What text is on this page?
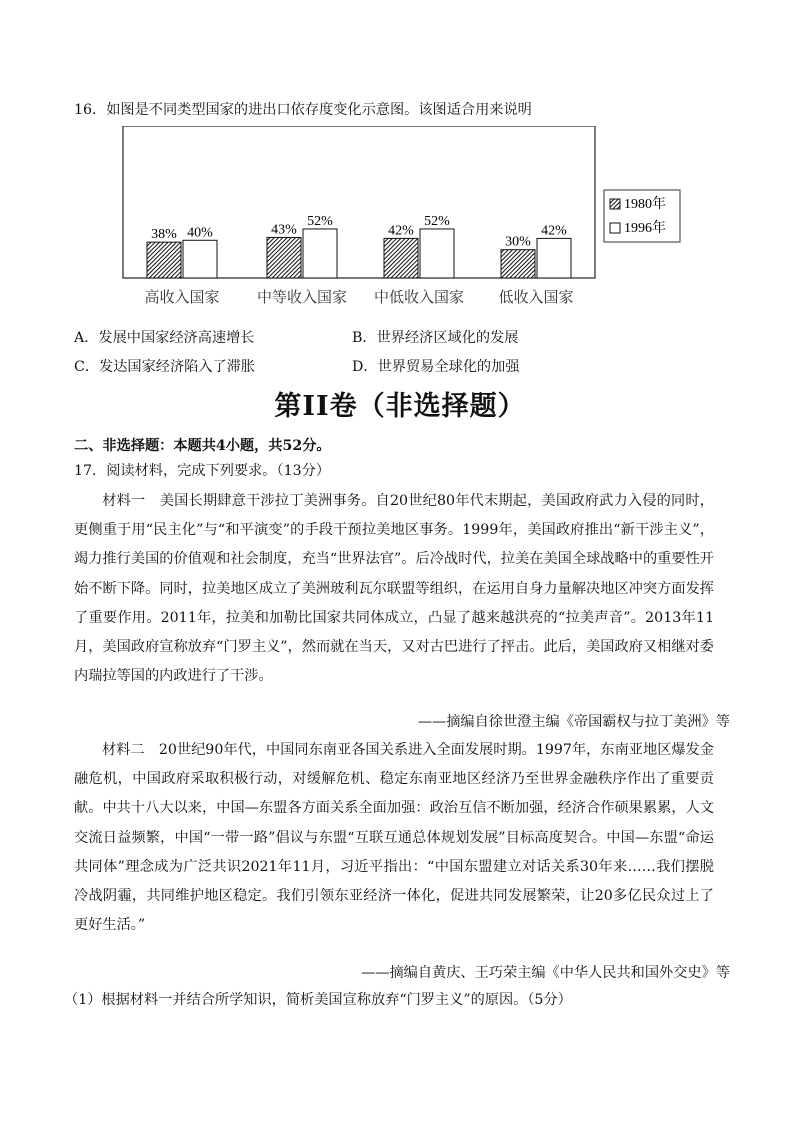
16．如图是不同类型国家的进出口依存度变化示意图。该图适合用来说明
38% 40%	43%
52%
42%
52%
30%
42%
高收入国家 中等收入国家 中低收入国家 低收入国家
1980年
1996年
A．发展中国家经济高速增长	B．世界经济区域化的发展
C．发达国家经济陷入了滞胀	D．世界贸易全球化的加强
第II卷（非选择题）
二、非选择题：本题共4小题，共52分。
17．阅读材料，完成下列要求。（13分）
材料一　美国长期肆意干涉拉丁美洲事务。自20世纪80年代末期起，美国政府武力入侵的同时，更侧重于用“民主化”与“和平演变”的手段干预拉美地区事务。1999年，美国政府推出“新干涉主义”，竭力推行美国的价值观和社会制度，充当“世界法官”。后冷战时代，拉美在美国全球战略中的重要性开始不断下降。同时，拉美地区成立了美洲玻利瓦尔联盟等组织，在运用自身力量解决地区冲突方面发挥了重要作用。2011年，拉美和加勒比国家共同体成立，凸显了越来越洪亮的“拉美声音”。2013年11月，美国政府宣称放弃“门罗主义”，然而就在当天，又对古巴进行了抨击。此后，美国政府又相继对委内瑞拉等国的内政进行了干涉。
——摘编自徐世澄主编《帝国霸权与拉丁美洲》等
材料二　20世纪90年代，中国同东南亚各国关系进入全面发展时期。1997年，东南亚地区爆发金融危机，中国政府采取积极行动，对缓解危机、稳定东南亚地区经济乃至世界金融秩序作出了重要贡献。中共十八大以来，中国—东盟各方面关系全面加强：政治互信不断加强，经济合作硕果累累，人文交流日益频繁，中国“一带一路”倡议与东盟“互联互通总体规划发展”目标高度契合。中国—东盟“命运共同体”理念成为广泛共识2021年11月，习近平指出：“中国东盟建立对话关系30年来……我们摆脱冷战阴霾，共同维护地区稳定。我们引领东亚经济一体化，促进共同发展繁荣，让20多亿民众过上了更好生活。”
——摘编自黄庆、王巧荣主编《中华人民共和国外交史》等
（1）根据材料一并结合所学知识，简析美国宣称放弃“门罗主义”的原因。（5分）
